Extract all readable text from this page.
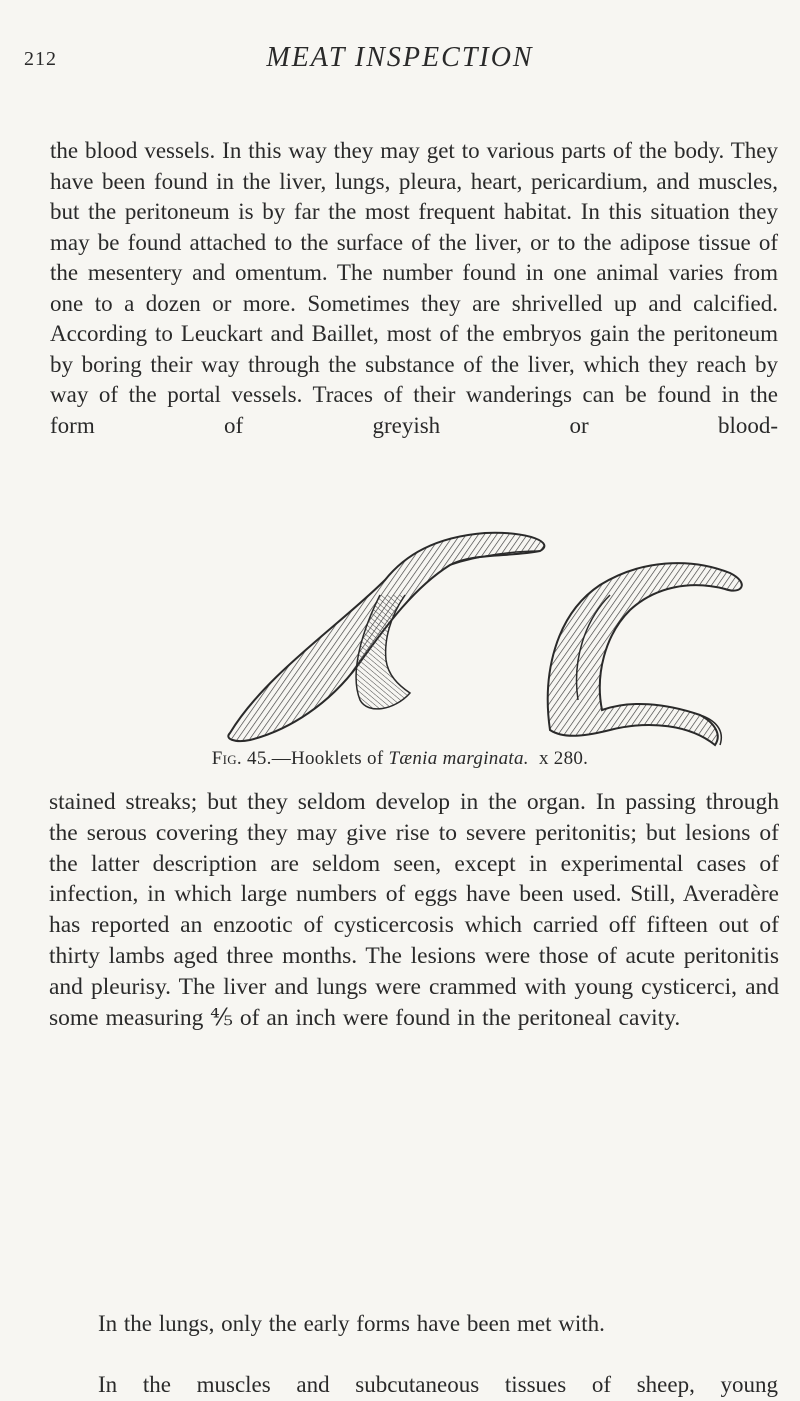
212	MEAT INSPECTION

the blood vessels. In this way they may get to various parts of the body. They have been found in the liver, lungs, pleura, heart, pericardium, and muscles, but the peritoneum is by far the most frequent habitat. In this situation they may be found attached to the surface of the liver, or to the adipose tissue of the mesentery and omentum. The number found in one animal varies from one to a dozen or more. Sometimes they are shrivelled up and calcified. According to Leuckart and Baillet, most of the embryos gain the peritoneum by boring their way through the substance of the liver, which they reach by way of the portal vessels. Traces of their wanderings can be found in the form of greyish or blood-

Fig. 45.—Hooklets of Tænia marginata. x 280.

stained streaks; but they seldom develop in the organ. In passing through the serous covering they may give rise to severe peritonitis; but lesions of the latter description are seldom seen, except in experimental cases of infection, in which large numbers of eggs have been used. Still, Averadère has reported an enzootic of cysticercosis which carried off fifteen out of thirty lambs aged three months. The lesions were those of acute peritonitis and pleurisy. The liver and lungs were crammed with young cysticerci, and some measuring ⅘ of an inch were found in the peritoneal cavity.

In the lungs, only the early forms have been met with.

In the muscles and subcutaneous tissues of sheep, young
